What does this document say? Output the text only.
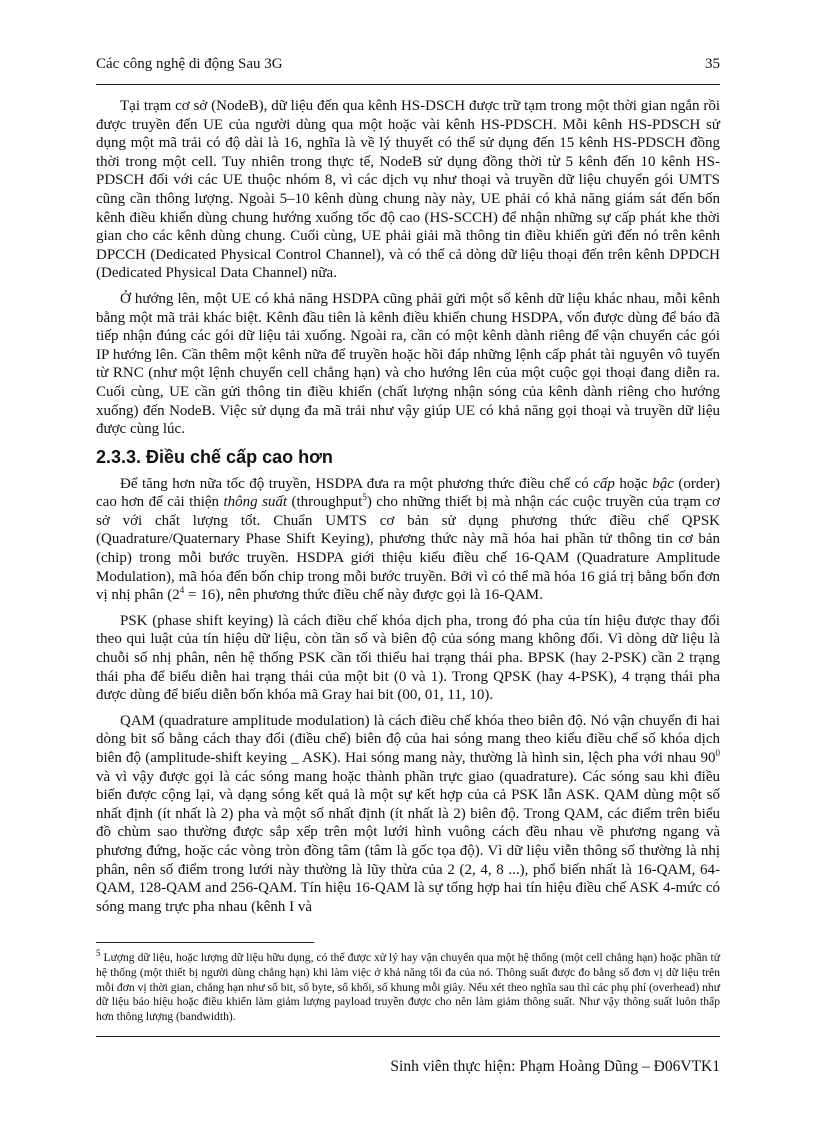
Các công nghệ di động Sau 3G	35

Tại trạm cơ sở (NodeB), dữ liệu đến qua kênh HS-DSCH được trữ tạm trong một thời gian ngắn rồi được truyền đến UE của người dùng qua một hoặc vài kênh HS-PDSCH. Mỗi kênh HS-PDSCH sử dụng một mã trải có độ dài là 16, nghĩa là về lý thuyết có thể sử dụng đến 15 kênh HS-PDSCH đồng thời trong một cell. Tuy nhiên trong thực tế, NodeB sử dụng đồng thời từ 5 kênh đến 10 kênh HS-PDSCH đối với các UE thuộc nhóm 8, vì các dịch vụ như thoại và truyền dữ liệu chuyển gói UMTS cũng cần thông lượng. Ngoài 5–10 kênh dùng chung này này, UE phải có khả năng giám sát đến bốn kênh điều khiển dùng chung hướng xuống tốc độ cao (HS-SCCH) để nhận những sự cấp phát khe thời gian cho các kênh dùng chung. Cuối cùng, UE phải giải mã thông tin điều khiển gửi đến nó trên kênh DPCCH (Dedicated Physical Control Channel), và có thể cả dòng dữ liệu thoại đến trên kênh DPDCH (Dedicated Physical Data Channel) nữa.

Ở hướng lên, một UE có khả năng HSDPA cũng phải gửi một số kênh dữ liệu khác nhau, mỗi kênh bằng một mã trải khác biệt. Kênh đầu tiên là kênh điều khiển chung HSDPA, vốn được dùng để báo đã tiếp nhận đúng các gói dữ liệu tải xuống. Ngoài ra, cần có một kênh dành riêng để vận chuyển các gói IP hướng lên. Cần thêm một kênh nữa để truyền hoặc hồi đáp những lệnh cấp phát tài nguyên vô tuyến từ RNC (như một lệnh chuyển cell chẳng hạn) và cho hướng lên của một cuộc gọi thoại đang diễn ra. Cuối cùng, UE cần gửi thông tin điều khiển (chất lượng nhận sóng của kênh dành riêng cho hướng xuống) đến NodeB. Việc sử dụng đa mã trải như vậy giúp UE có khả năng gọi thoại và truyền dữ liệu được cùng lúc.

2.3.3. Điều chế cấp cao hơn

Để tăng hơn nữa tốc độ truyền, HSDPA đưa ra một phương thức điều chế có cấp hoặc bậc (order) cao hơn để cải thiện thông suất (throughput$^5$) cho những thiết bị mà nhận các cuộc truyền của trạm cơ sở với chất lượng tốt. Chuẩn UMTS cơ bản sử dụng phương thức điều chế QPSK (Quadrature/Quaternary Phase Shift Keying), phương thức này mã hóa hai phần tử thông tin cơ bản (chip) trong mỗi bước truyền. HSDPA giới thiệu kiểu điều chế 16-QAM (Quadrature Amplitude Modulation), mã hóa đến bốn chip trong mỗi bước truyền. Bởi vì có thể mã hóa 16 giá trị bằng bốn đơn vị nhị phân $(2^4 = 16)$, nên phương thức điều chế này được gọi là 16-QAM.

PSK (phase shift keying) là cách điều chế khóa dịch pha, trong đó pha của tín hiệu được thay đổi theo qui luật của tín hiệu dữ liệu, còn tần số và biên độ của sóng mang không đổi. Vì dòng dữ liệu là chuỗi số nhị phân, nên hệ thống PSK cần tối thiểu hai trạng thái pha. BPSK (hay 2-PSK) cần 2 trạng thái pha để biểu diễn hai trạng thái của một bit (0 và 1). Trong QPSK (hay 4-PSK), 4 trạng thái pha được dùng để biểu diễn bốn khóa mã Gray hai bit (00, 01, 11, 10).

QAM (quadrature amplitude modulation) là cách điều chế khóa theo biên độ. Nó vận chuyển đi hai dòng bit số bằng cách thay đổi (điều chế) biên độ của hai sóng mang theo kiểu điều chế số khóa dịch biên độ (amplitude-shift keying _ ASK). Hai sóng mang này, thường là hình sin, lệch pha với nhau $90^0$ và vì vậy được gọi là các sóng mang hoặc thành phần trực giao (quadrature). Các sóng sau khi điều biến được cộng lại, và dạng sóng kết quả là một sự kết hợp của cả PSK lẫn ASK. QAM dùng một số nhất định (ít nhất là 2) pha và một số nhất định (ít nhất là 2) biên độ. Trong QAM, các điểm trên biểu đồ chùm sao thường được sắp xếp trên một lưới hình vuông cách đều nhau về phương ngang và phương đứng, hoặc các vòng tròn đồng tâm (tâm là gốc tọa độ). Vì dữ liệu viễn thông số thường là nhị phân, nên số điểm trong lưới này thường là lũy thừa của 2 (2, 4, 8 ...), phổ biến nhất là 16-QAM, 64-QAM, 128-QAM and 256-QAM. Tín hiệu 16-QAM là sự tổng hợp hai tín hiệu điều chế ASK 4-mức có sóng mang trực pha nhau (kênh I và

$^5$ Lượng dữ liệu, hoặc lượng dữ liệu hữu dụng, có thể được xử lý hay vận chuyển qua một hệ thống (một cell chẳng hạn) hoặc phần tử hệ thống (một thiết bị người dùng chẳng hạn) khi làm việc ở khả năng tối đa của nó. Thông suất được đo bằng số đơn vị dữ liệu trên mỗi đơn vị thời gian, chẳng hạn như số bit, số byte, số khối, số khung mỗi giây. Nếu xét theo nghĩa sau thì các phụ phí (overhead) như dữ liệu báo hiệu hoặc điều khiển làm giảm lượng payload truyền được cho nên làm giảm thông suất. Như vậy thông suất luôn thấp hơn thông lượng (bandwidth).
Sinh viên thực hiện: Phạm Hoàng Dũng – Đ06VTK1
